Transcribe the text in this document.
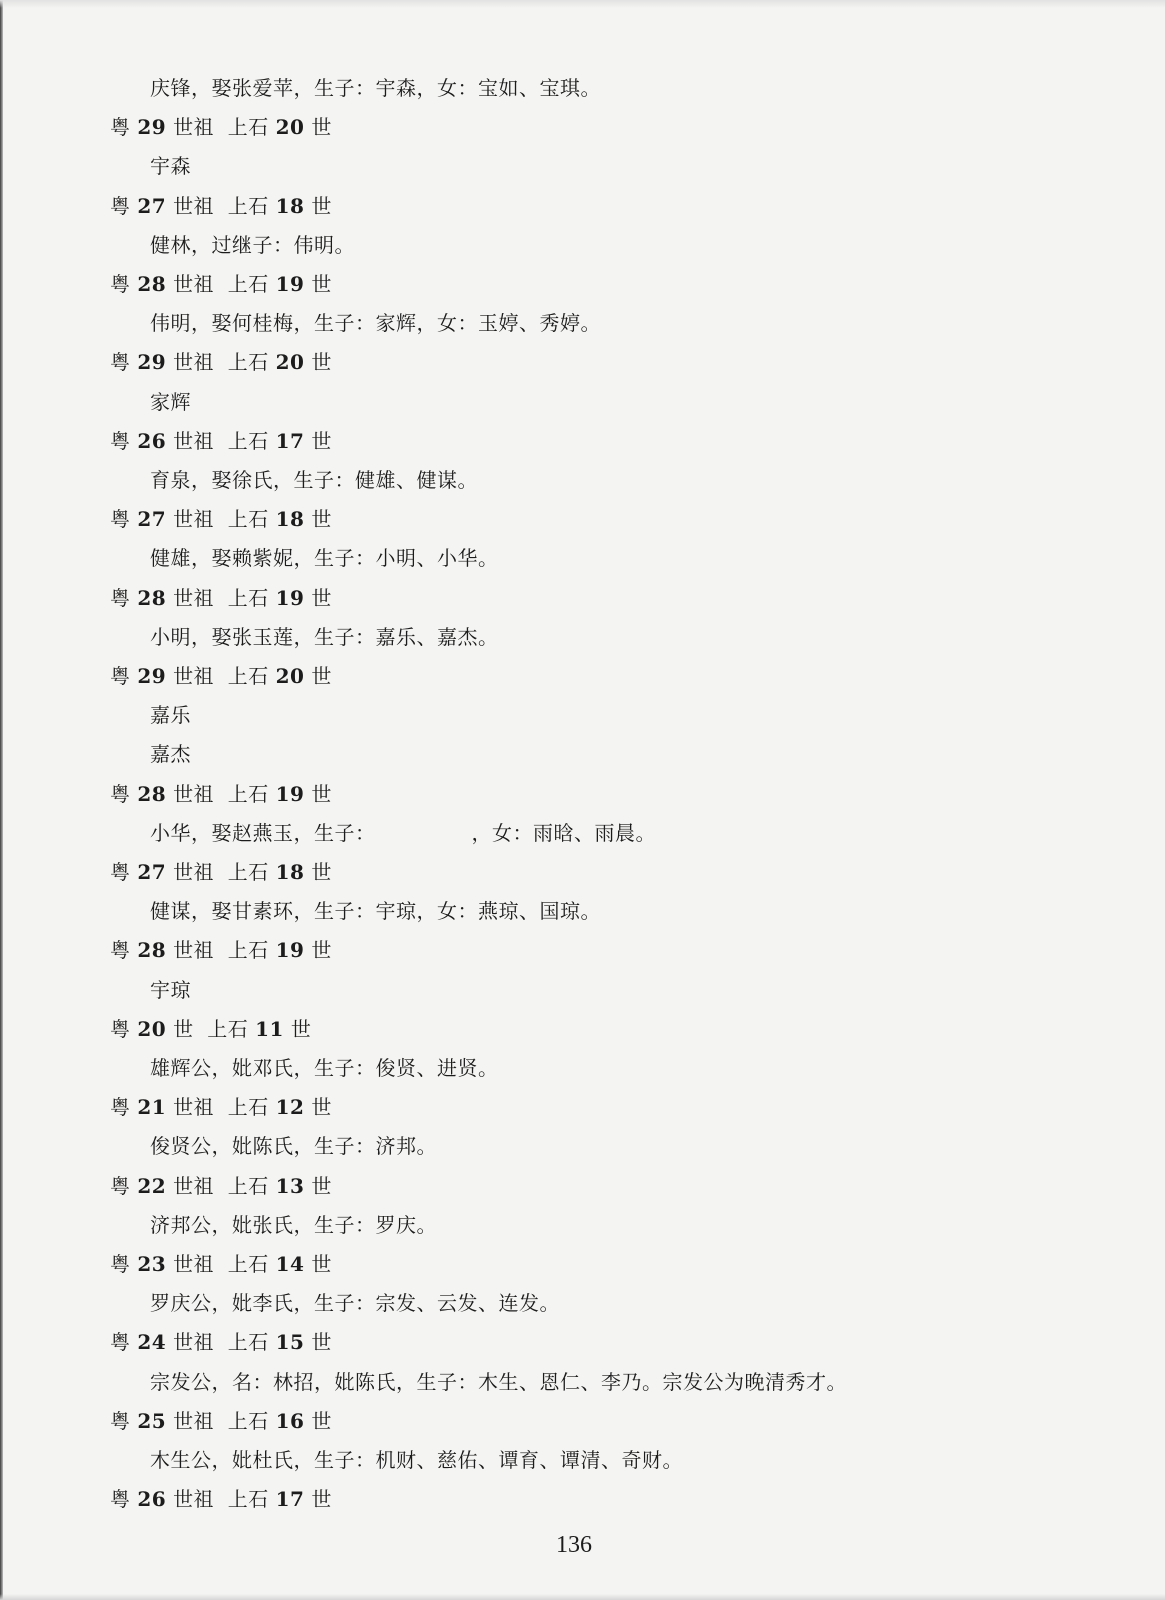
庆锋，娶张爱苹，生子：宇森，女：宝如、宝琪。
粤 29 世祖 上石 20 世
宇森
粤 27 世祖 上石 18 世
健林，过继子：伟明。
粤 28 世祖 上石 19 世
伟明，娶何桂梅，生子：家辉，女：玉婷、秀婷。
粤 29 世祖 上石 20 世
家辉
粤 26 世祖 上石 17 世
育泉，娶徐氏，生子：健雄、健谋。
粤 27 世祖 上石 18 世
健雄，娶赖紫妮，生子：小明、小华。
粤 28 世祖 上石 19 世
小明，娶张玉莲，生子：嘉乐、嘉杰。
粤 29 世祖 上石 20 世
嘉乐
嘉杰
粤 28 世祖 上石 19 世
小华，娶赵燕玉，生子：              ，女：雨晗、雨晨。
粤 27 世祖 上石 18 世
健谋，娶甘素环，生子：宇琼，女：燕琼、国琼。
粤 28 世祖 上石 19 世
宇琼
粤 20 世 上石 11 世
雄辉公，妣邓氏，生子：俊贤、进贤。
粤 21 世祖 上石 12 世
俊贤公，妣陈氏，生子：济邦。
粤 22 世祖 上石 13 世
济邦公，妣张氏，生子：罗庆。
粤 23 世祖 上石 14 世
罗庆公，妣李氏，生子：宗发、云发、连发。
粤 24 世祖 上石 15 世
宗发公，名：林招，妣陈氏，生子：木生、恩仁、李乃。宗发公为晚清秀才。
粤 25 世祖 上石 16 世
木生公，妣杜氏，生子：机财、慈佑、谭育、谭清、奇财。
粤 26 世祖 上石 17 世
136
